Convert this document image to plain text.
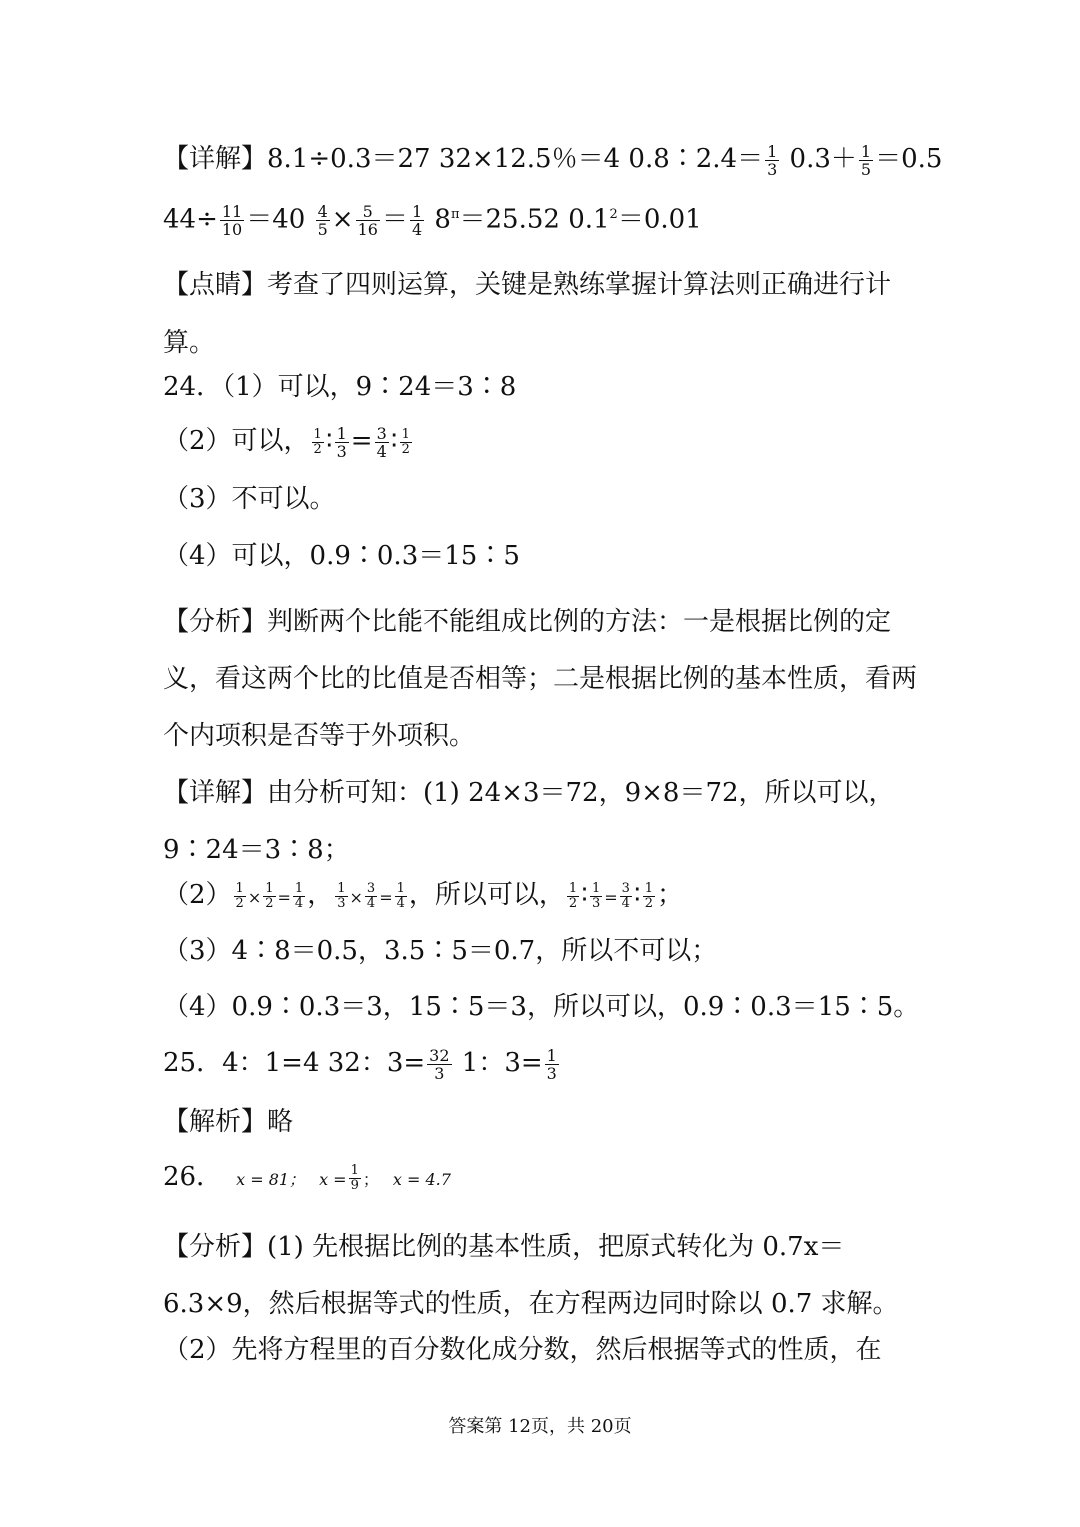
【详解】8.1÷0.3＝27 32×12.5％＝4 0.8∶2.4＝ $\frac{1}{3} 0.3+ \frac{1}{5} =0.5$
$44\div \frac{11}{10} =40 \frac{4}{5} \times \frac{5}{16} = \frac{1}{4} 8^\pi=25.52$ $0.1^2=0.01$
【点睛】考查了四则运算，关键是熟练掌握计算法则正确进行计算。
24．（1）可以，9∶24＝3∶8
（2）可以， $\frac{1}{2}$ ∶ $\frac{1}{3} = \frac{3}{4}$ ∶ $\frac{1}{2}$
（3）不可以。
（4）可以，0.9∶0.3＝15∶5
【分析】判断两个比能不能组成比例的方法：一是根据比例的定义，看这两个比的比值是否相等；二是根据比例的基本性质，看两个内项积是否等于外项积。
【详解】由分析可知：(1) 24×3＝72，9×8＝72，所以可以，9∶24＝3∶8；
$(2) \frac{1}{2} \times \frac{1}{2} = \frac{1}{4}$ ， $\frac{1}{3} \times \frac{3}{4} = \frac{1}{4}$ ，所以可以， $\frac{1}{2}$ ∶ $\frac{1}{3} = \frac{3}{4}$ ∶ $\frac{1}{2}$ ；
（3）4∶8＝0.5，3.5∶5＝0.7，所以不可以；
（4）0.9∶0.3＝3，15∶5＝3，所以可以，0.9∶0.3＝15∶5。
25．4：1=4 32：$3= \frac{32}{3} 1$：$3= \frac{1}{3}$
【解析】略
26． x = 81； $x = \frac{1}{9}$ ； x = 4.7
【分析】(1) 先根据比例的基本性质，把原式转化为 0.7x＝6.3×9，然后根据等式的性质，在方程两边同时除以 0.7 求解。
（2）先将方程里的百分数化成分数，然后根据等式的性质，在
答案第 12页，共 20页
